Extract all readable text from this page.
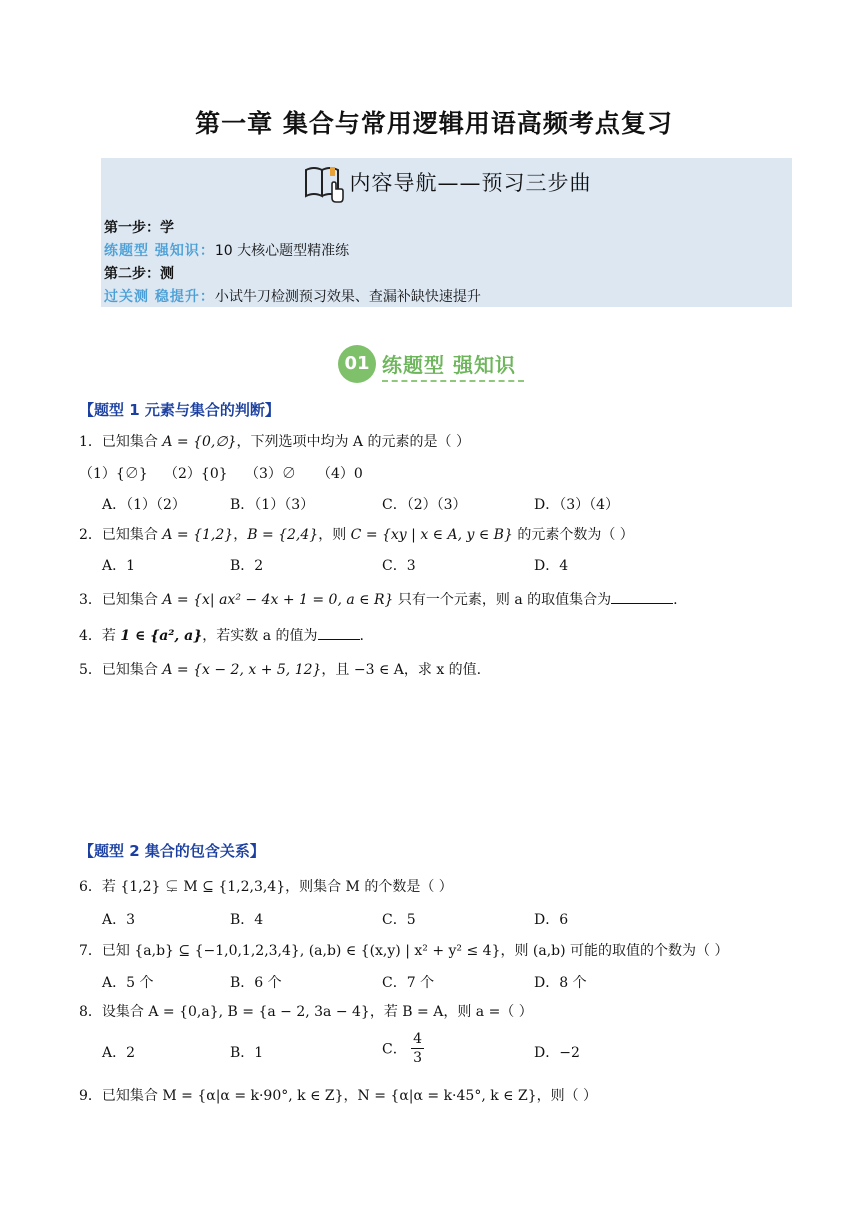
第一章 集合与常用逻辑用语高频考点复习
内容导航——预习三步曲
第一步：学
练题型 强知识：10 大核心题型精准练
第二步：测
过关测 稳提升：小试牛刀检测预习效果、查漏补缺快速提升
01 练题型 强知识
【题型 1 元素与集合的判断】
1．已知集合 A = {0,∅}，下列选项中均为 A 的元素的是（ ）
（1）{∅} （2）{0} （3）∅ （4）0
A．（1）（2）	B．（1）（3）	C．（2）（3）	D．（3）（4）
2．已知集合 A = {1,2}，B = {2,4}，则 C = {xy | x ∈ A, y ∈ B} 的元素个数为（ ）
A．1	B．2	C．3	D．4
3．已知集合 A = {x| ax² − 4x + 1 = 0, a ∈ R} 只有一个元素，则 a 的取值集合为	.
4．若 1 ∈ {a², a}，若实数 a 的值为	.
5．已知集合 A = {x − 2, x + 5, 12}，且 −3 ∈ A，求 x 的值.
【题型 2 集合的包含关系】
6．若 {1,2} ⊊ M ⊆ {1,2,3,4}，则集合 M 的个数是（ ）
A．3	B．4	C．5	D．6
7．已知 {a,b} ⊆ {−1,0,1,2,3,4}, (a,b) ∈ {(x,y) | x² + y² ≤ 4}，则 (a,b) 可能的取值的个数为（ ）
A．5 个	B．6 个	C．7 个	D．8 个
8．设集合 A = {0,a}, B = {a − 2, 3a − 4}，若 B = A，则 a =（ ）
A．2	B．1	C． $\frac{4}{3}$	D．−2
9．已知集合 M = {α|α = k·90°, k ∈ Z}，N = {α|α = k·45°, k ∈ Z}，则（ ）
